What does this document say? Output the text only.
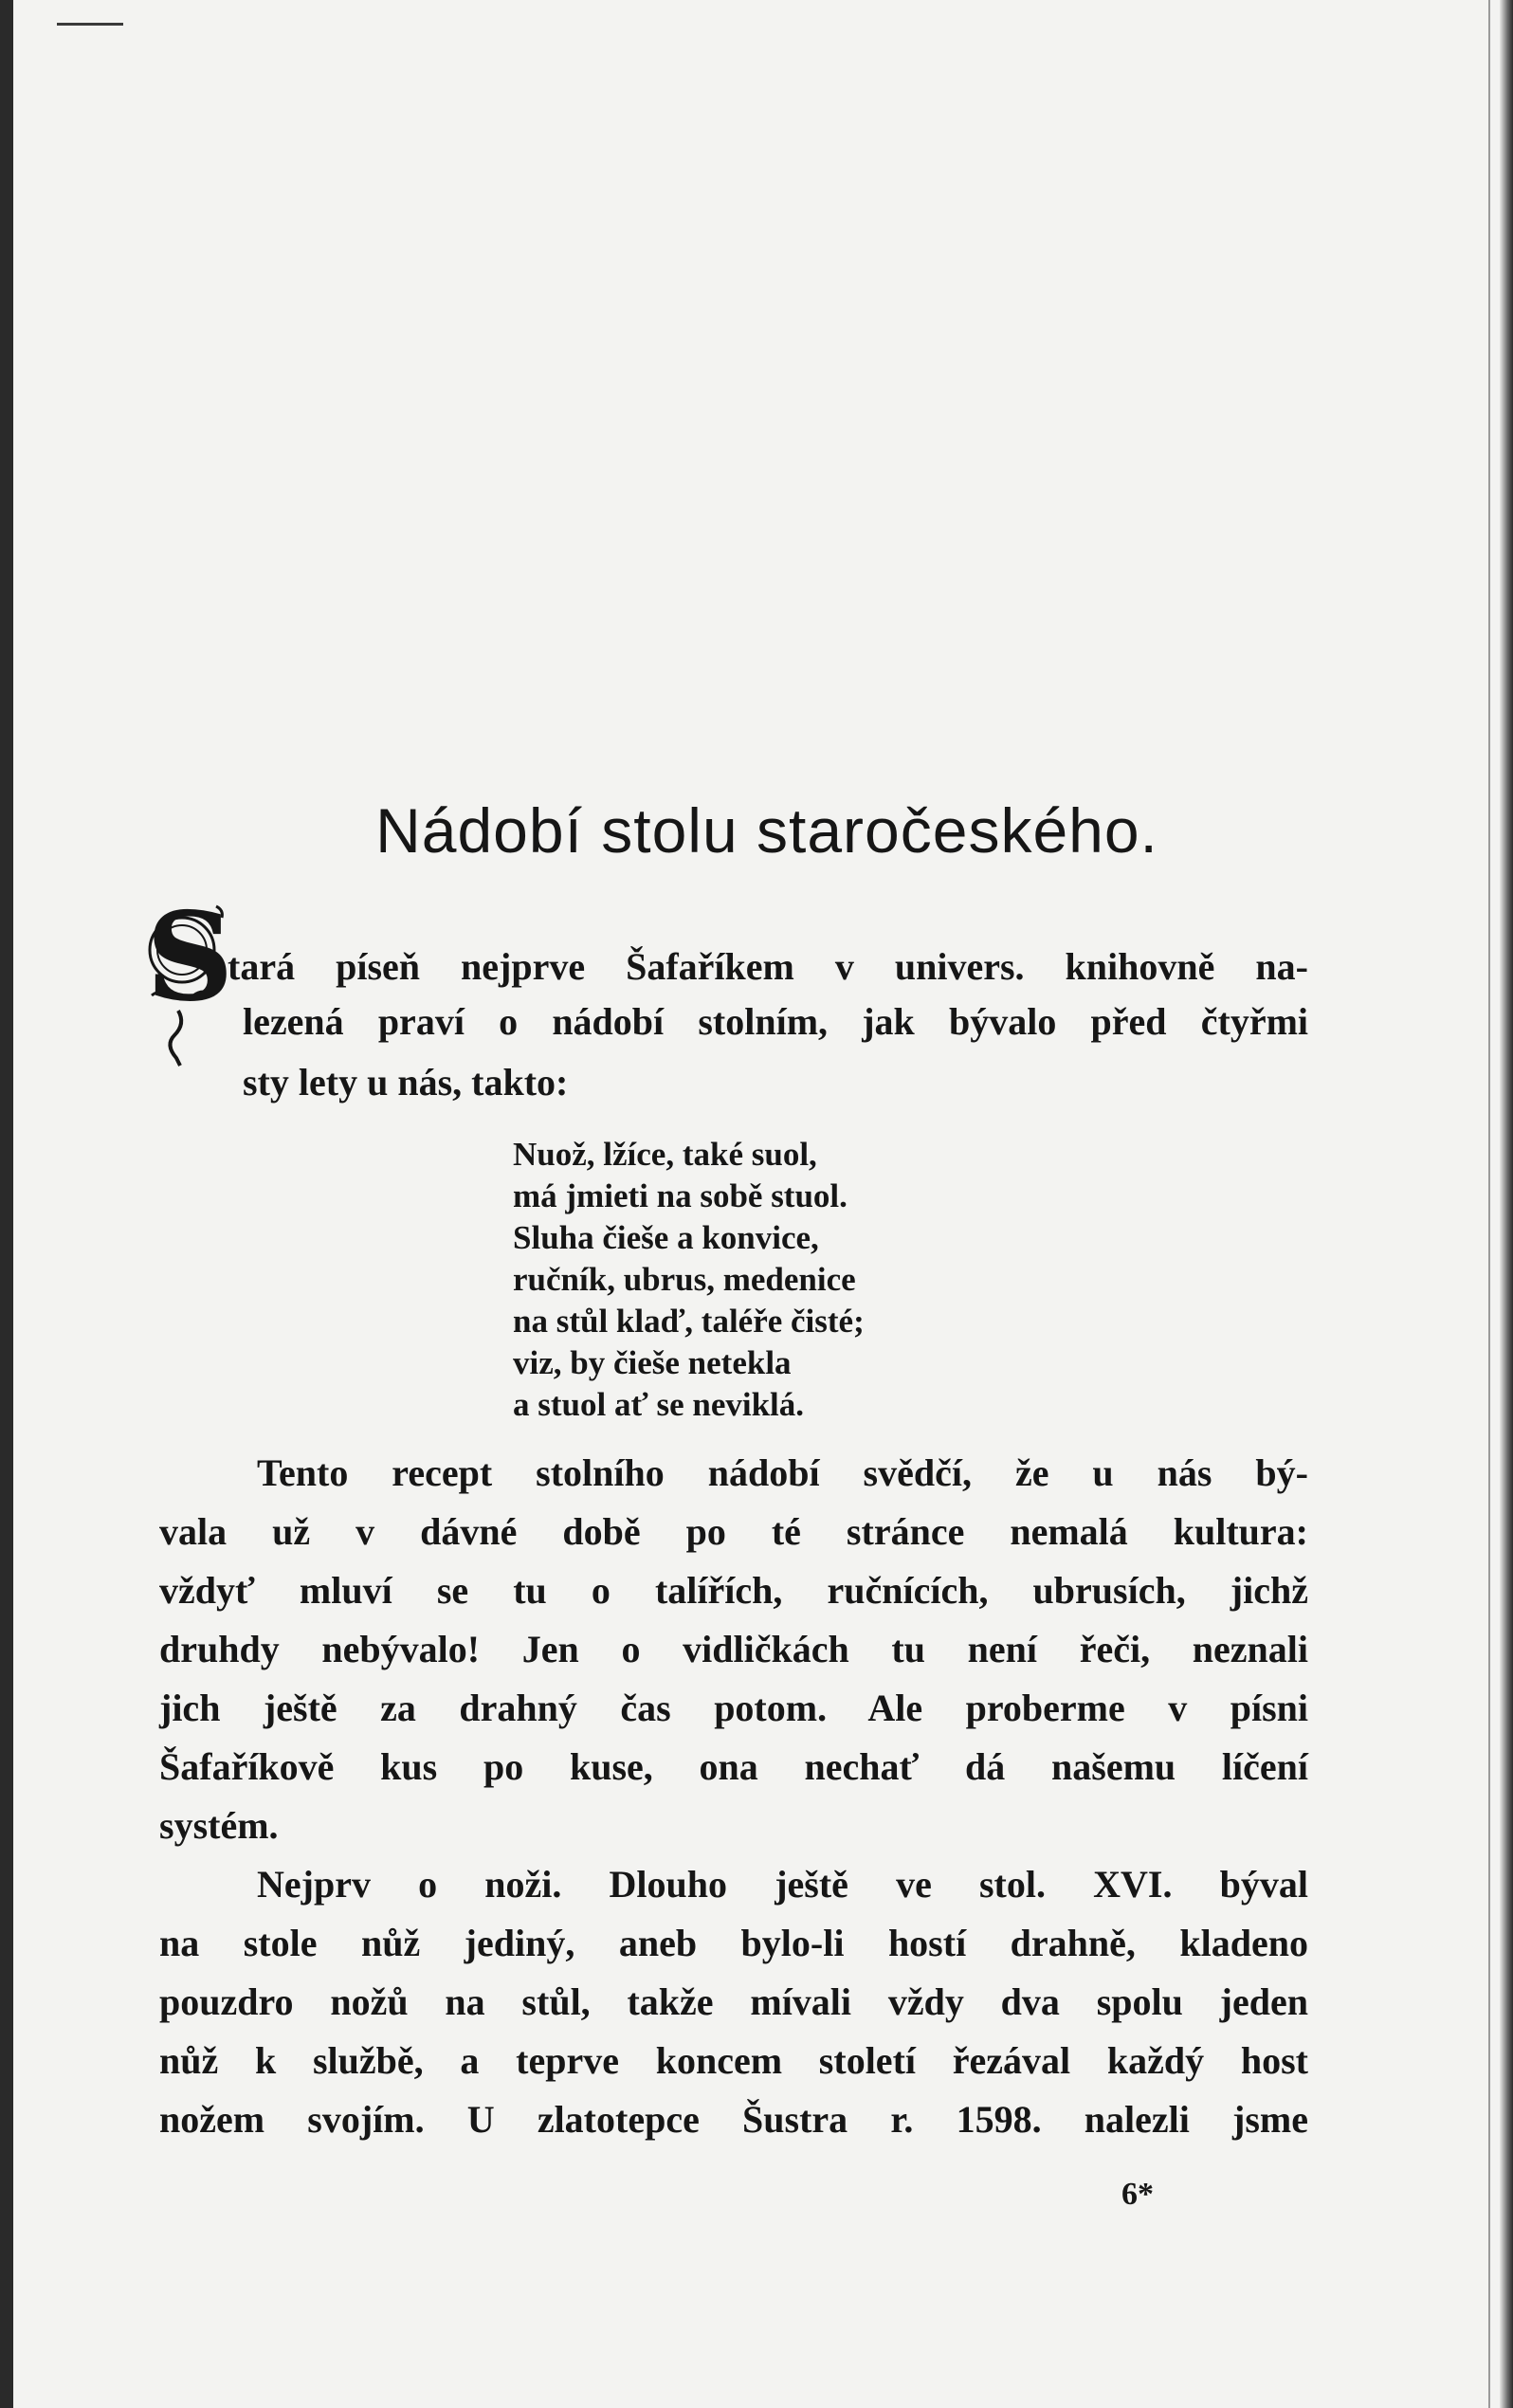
Nádobí stolu staročeského.
S
tará píseň nejprve Šafaříkem v univers. knihovně na-
lezená praví o nádobí stolním, jak bývalo před čtyřmi
sty lety u nás, takto:
Nuož, lžíce, také suol,
má jmieti na sobě stuol.
Sluha čieše a konvice,
ručník, ubrus, medenice
na stůl klaď, taléře čisté;
viz, by čieše netekla
a stuol ať se neviklá.
Tento recept stolního nádobí svědčí, že u nás bý-
vala už v dávné době po té stránce nemalá kultura:
vždyť mluví se tu o talířích, ručnících, ubrusích, jichž
druhdy nebývalo! Jen o vidličkách tu není řeči, neznali
jich ještě za drahný čas potom. Ale proberme v písni
Šafaříkově kus po kuse, ona nechať dá našemu líčení
systém.
Nejprv o noži. Dlouho ještě ve stol. XVI. býval
na stole nůž jediný, aneb bylo-li hostí drahně, kladeno
pouzdro nožů na stůl, takže mívali vždy dva spolu jeden
nůž k službě, a teprve koncem století řezával každý host
nožem svojím. U zlatotepce Šustra r. 1598. nalezli jsme
6*
